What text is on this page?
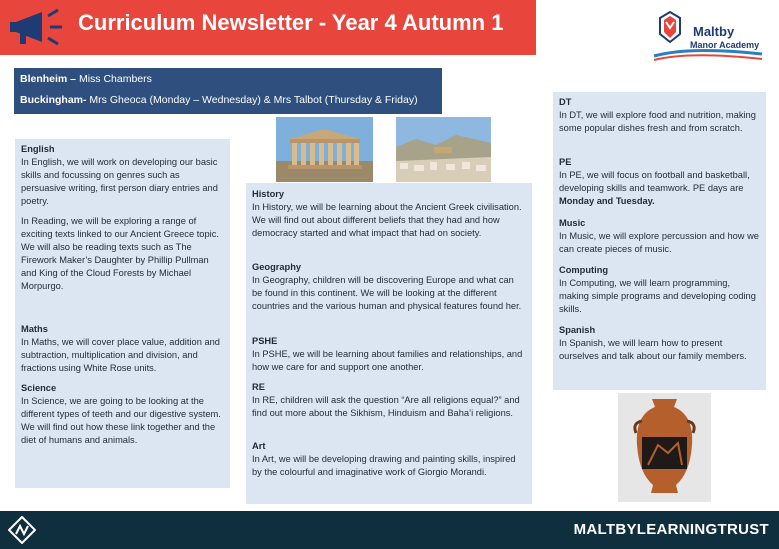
Curriculum Newsletter - Year 4 Autumn 1	Maltby
Manor Academy
Blenheim – Miss Chambers
Buckingham- Mrs Gheoca (Monday – Wednesday) & Mrs Talbot (Thursday & Friday)
English

In English, we will work on developing our basic skills and focussing on genres such as persuasive writing, first person diary entries and poetry.

In Reading, we will be exploring a range of exciting texts linked to our Ancient Greece topic. We will also be reading texts such as The Firework Maker’s Daughter by Phillip Pullman and King of the Cloud Forests by Michael Morpurgo.

Maths

In Maths, we will cover place value, addition and subtraction, multiplication and division, and fractions using White Rose units.

Science

In Science, we are going to be looking at the different types of teeth and our digestive system. We will find out how these link together and the diet of humans and animals.

History

In History, we will be learning about the Ancient Greek civilisation. We will find out about different beliefs that they had and how democracy started and what impact that had on society.

Geography

In Geography, children will be discovering Europe and what can be found in this continent. We will be looking at the different countries and the various human and physical features found her.

PSHE

In PSHE, we will be learning about families and relationships, and how we care for and support one another.

RE

In RE, children will ask the question “Are all religions equal?” and find out more about the Sikhism, Hinduism and Baha’i religions.

Art

In Art, we will be developing drawing and painting skills, inspired by the colourful and imaginative work of Giorgio Morandi.

DT

In DT, we will explore food and nutrition, making some popular dishes fresh and from scratch.

PE

In PE, we will focus on football and basketball, developing skills and teamwork. PE days are Monday and Tuesday.

Music

In Music, we will explore percussion and how we can create pieces of music.

Computing

In Computing, we will learn programming, making simple programs and developing coding skills.

Spanish

In Spanish, we will learn how to present ourselves and talk about our family members.

MALTBYLEARNINGTRUST
